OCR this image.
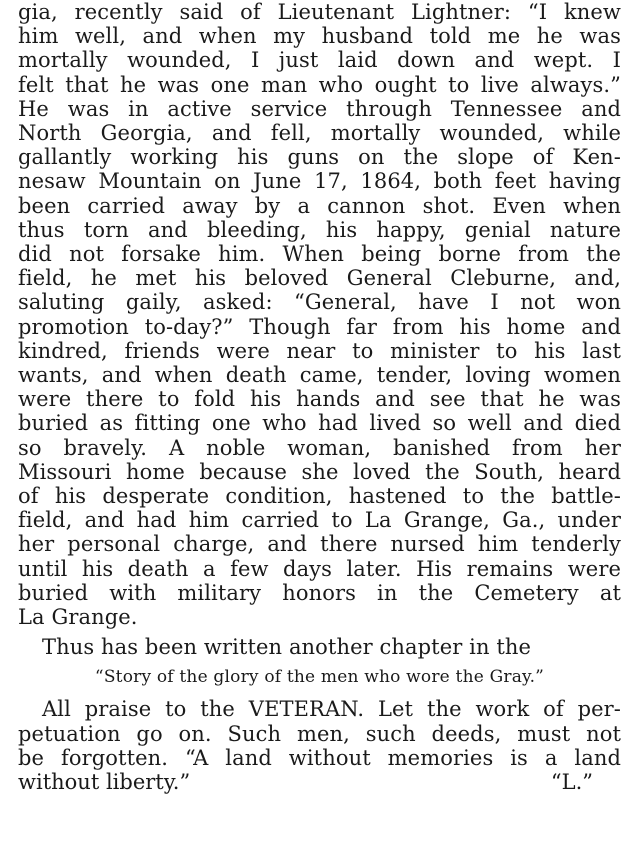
gia, recently said of Lieutenant Lightner: “I knew
him well, and when my husband told me he was
mortally wounded, I just laid down and wept. I
felt that he was one man who ought to live always.”
He was in active service through Tennessee and
North Georgia, and fell, mortally wounded, while
gallantly working his guns on the slope of Ken-
nesaw Mountain on June 17, 1864, both feet having
been carried away by a cannon shot. Even when
thus torn and bleeding, his happy, genial nature
did not forsake him. When being borne from the
field, he met his beloved General Cleburne, and,
saluting gaily, asked: “General, have I not won
promotion to-day?” Though far from his home and
kindred, friends were near to minister to his last
wants, and when death came, tender, loving women
were there to fold his hands and see that he was
buried as fitting one who had lived so well and died
so bravely. A noble woman, banished from her
Missouri home because she loved the South, heard
of his desperate condition, hastened to the battle-
field, and had him carried to La Grange, Ga., under
her personal charge, and there nursed him tenderly
until his death a few days later. His remains were
buried with military honors in the Cemetery at
La Grange.
Thus has been written another chapter in the
“Story of the glory of the men who wore the Gray.”
All praise to the VETERAN. Let the work of per-
petuation go on. Such men, such deeds, must not
be forgotten. “A land without memories is a land
without liberty.”	“L.”
